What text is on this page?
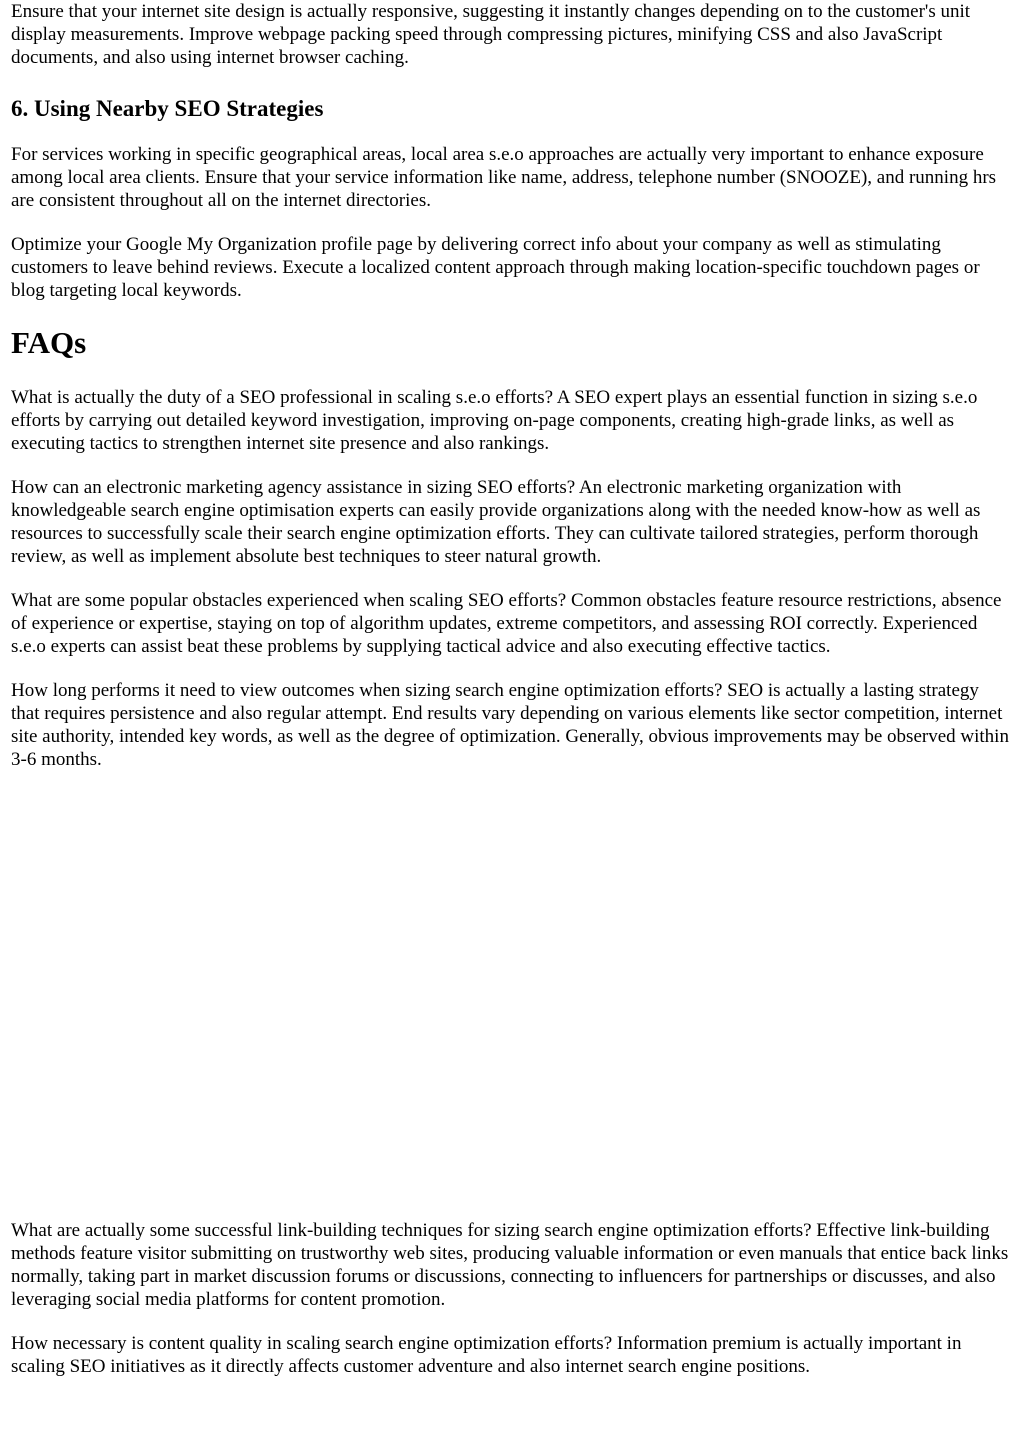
Ensure that your internet site design is actually responsive, suggesting it instantly changes depending on to the customer's unit display measurements. Improve webpage packing speed through compressing pictures, minifying CSS and also JavaScript documents, and also using internet browser caching.

6. Using Nearby SEO Strategies

For services working in specific geographical areas, local area s.e.o approaches are actually very important to enhance exposure among local area clients. Ensure that your service information like name, address, telephone number (SNOOZE), and running hrs are consistent throughout all on the internet directories.

Optimize your Google My Organization profile page by delivering correct info about your company as well as stimulating customers to leave behind reviews. Execute a localized content approach through making location-specific touchdown pages or blog targeting local keywords.

FAQs

What is actually the duty of a SEO professional in scaling s.e.o efforts? A SEO expert plays an essential function in sizing s.e.o efforts by carrying out detailed keyword investigation, improving on-page components, creating high-grade links, as well as executing tactics to strengthen internet site presence and also rankings.

How can an electronic marketing agency assistance in sizing SEO efforts? An electronic marketing organization with knowledgeable search engine optimisation experts can easily provide organizations along with the needed know-how as well as resources to successfully scale their search engine optimization efforts. They can cultivate tailored strategies, perform thorough review, as well as implement absolute best techniques to steer natural growth.

What are some popular obstacles experienced when scaling SEO efforts? Common obstacles feature resource restrictions, absence of experience or expertise, staying on top of algorithm updates, extreme competitors, and assessing ROI correctly. Experienced s.e.o experts can assist beat these problems by supplying tactical advice and also executing effective tactics.

How long performs it need to view outcomes when sizing search engine optimization efforts? SEO is actually a lasting strategy that requires persistence and also regular attempt. End results vary depending on various elements like sector competition, internet site authority, intended key words, as well as the degree of optimization. Generally, obvious improvements may be observed within 3-6 months.

What are actually some successful link-building techniques for sizing search engine optimization efforts? Effective link-building methods feature visitor submitting on trustworthy web sites, producing valuable information or even manuals that entice back links normally, taking part in market discussion forums or discussions, connecting to influencers for partnerships or discusses, and also leveraging social media platforms for content promotion.

How necessary is content quality in scaling search engine optimization efforts? Information premium is actually important in scaling SEO initiatives as it directly affects customer adventure and also internet search engine positions.
